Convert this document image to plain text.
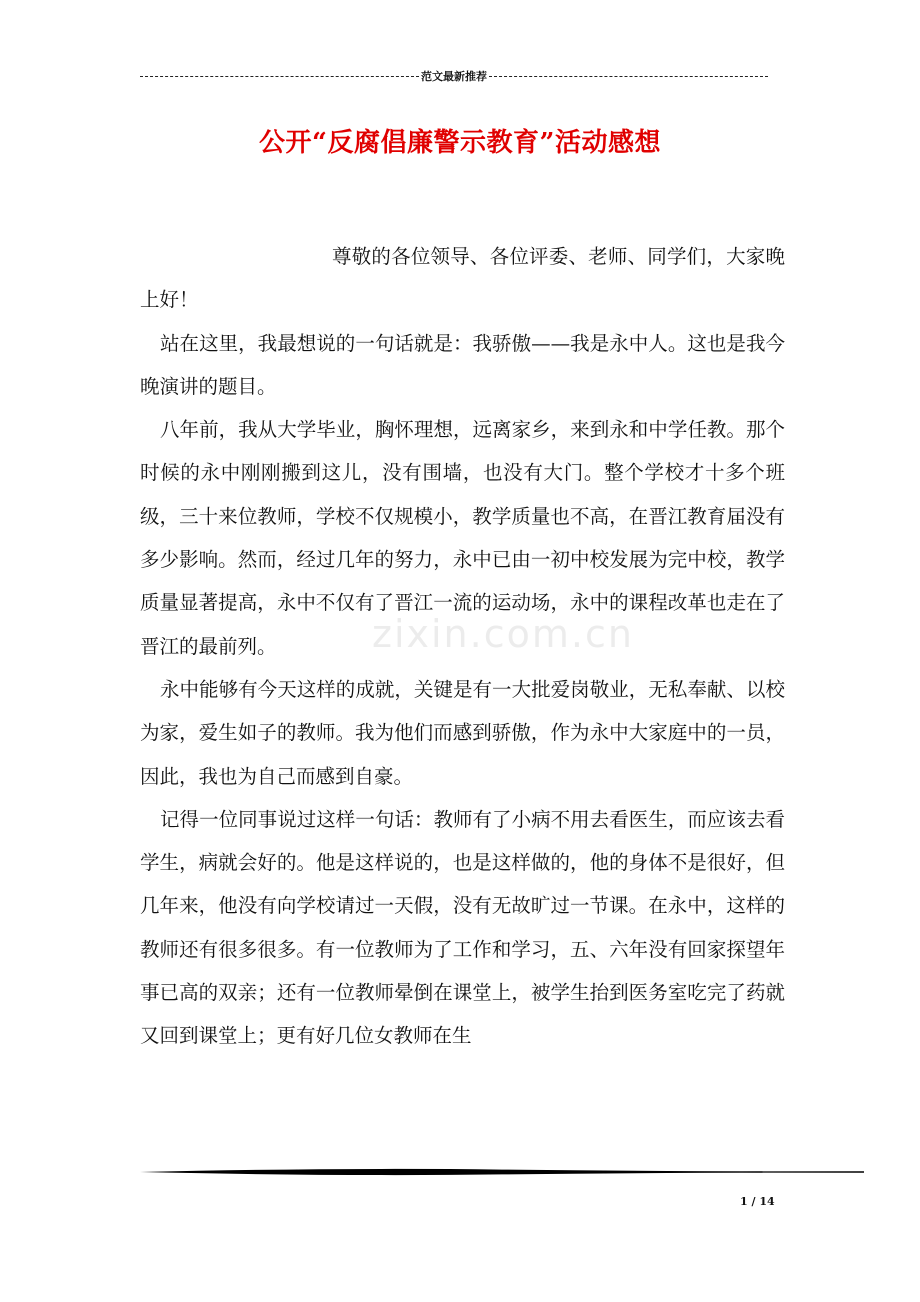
范文最新推荐
公开“反腐倡廉警示教育”活动感想
zixin.com.cn

尊敬的各位领导、各位评委、老师、同学们，大家晚上好！

站在这里，我最想说的一句话就是：我骄傲——我是永中人。这也是我今晚演讲的题目。

八年前，我从大学毕业，胸怀理想，远离家乡，来到永和中学任教。那个时候的永中刚刚搬到这儿，没有围墙，也没有大门。整个学校才十多个班级，三十来位教师，学校不仅规模小，教学质量也不高，在晋江教育届没有多少影响。然而，经过几年的努力，永中已由一初中校发展为完中校，教学质量显著提高，永中不仅有了晋江一流的运动场，永中的课程改革也走在了晋江的最前列。

永中能够有今天这样的成就，关键是有一大批爱岗敬业，无私奉献、以校为家，爱生如子的教师。我为他们而感到骄傲，作为永中大家庭中的一员，因此，我也为自己而感到自豪。

记得一位同事说过这样一句话：教师有了小病不用去看医生，而应该去看学生，病就会好的。他是这样说的，也是这样做的，他的身体不是很好，但几年来，他没有向学校请过一天假，没有无故旷过一节课。在永中，这样的教师还有很多很多。有一位教师为了工作和学习，五、六年没有回家探望年事已高的双亲；还有一位教师晕倒在课堂上，被学生抬到医务室吃完了药就又回到课堂上；更有好几位女教师在生

1 / 14
